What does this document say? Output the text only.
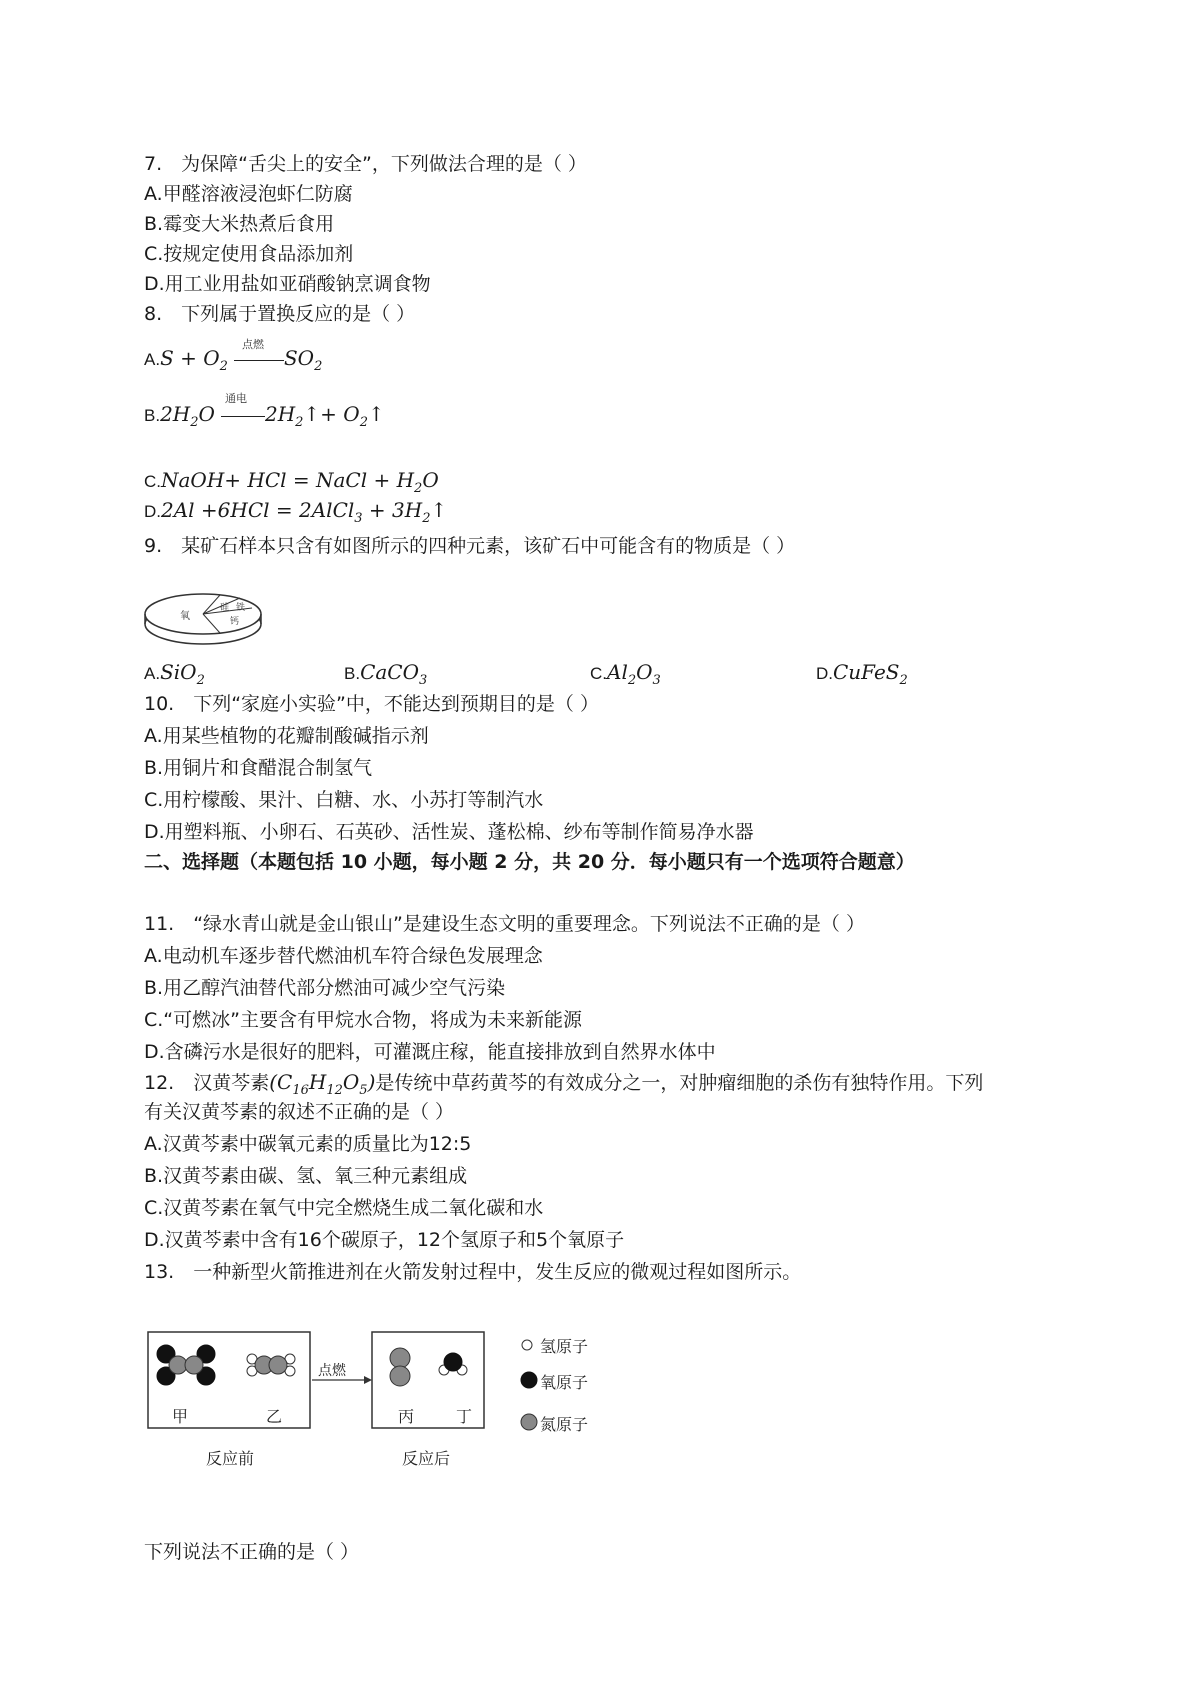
7. 为保障“舌尖上的安全”，下列做法合理的是（ ）
A.甲醛溶液浸泡虾仁防腐
B.霉变大米热煮后食用
C.按规定使用食品添加剂
D.用工业用盐如亚硝酸钠烹调食物
8. 下列属于置换反应的是（ ）
$A.S + O_2$
点燃
$SO_2$
$B.2H_2O$
通电
$2H_2↑+$ $O_2↑$
C.NaOH+ HCl = NaCl + $H_2O$
D.2Al +6HCl = 2AlCl$_3$ + $3H_2↑$
9. 某矿石样本只含有如图所示的四种元素，该矿石中可能含有的物质是（ ）
氧
硅 铁
钙
A.SiO$_2$	B.CaCO$_3$	$C.Al_2O_3$	D.CuFeS$_2$
10. 下列“家庭小实验”中，不能达到预期目的是（ ）
A.用某些植物的花瓣制酸碱指示剂
B.用铜片和食醋混合制氢气
C.用柠檬酸、果汁、白糖、水、小苏打等制汽水
D.用塑料瓶、小卵石、石英砂、活性炭、蓬松棉、纱布等制作简易净水器
二、选择题（本题包括 10 小题，每小题 2 分，共 20 分．每小题只有一个选项符合题意）
11. “绿水青山就是金山银山”是建设生态文明的重要理念。下列说法不正确的是（ ）
A.电动机车逐步替代燃油机车符合绿色发展理念
B.用乙醇汽油替代部分燃油可减少空气污染
C.“可燃冰”主要含有甲烷水合物，将成为未来新能源
D.含磷污水是很好的肥料，可灌溉庄稼，能直接排放到自然界水体中
12. 汉黄芩素$(C_{16}H_{12}O_5)$是传统中草药黄芩的有效成分之一，对肿瘤细胞的杀伤有独特作用。下列
有关汉黄芩素的叙述不正确的是（ ）
A.汉黄芩素中碳氧元素的质量比为12:5
B.汉黄芩素由碳、氢、氧三种元素组成
C.汉黄芩素在氧气中完全燃烧生成二氧化碳和水
D.汉黄芩素中含有16个碳原子，12个氢原子和5个氧原子
13. 一种新型火箭推进剂在火箭发射过程中，发生反应的微观过程如图所示。
点燃
甲	乙	丙	丁
反应前	反应后
氢原子
氧原子
氮原子
下列说法不正确的是（ ）
